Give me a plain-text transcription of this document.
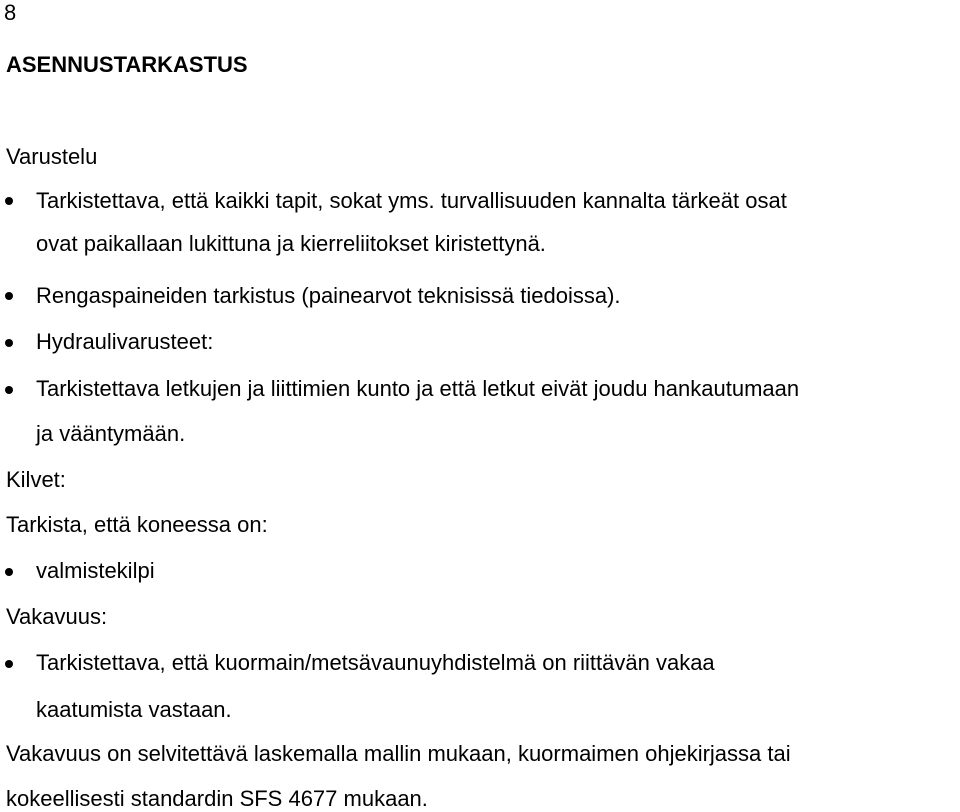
8
ASENNUSTARKASTUS
Varustelu
Tarkistettava, että kaikki tapit, sokat yms. turvallisuuden kannalta tärkeät osat
ovat paikallaan lukittuna ja kierreliitokset kiristettynä.
Rengaspaineiden tarkistus (painearvot teknisissä tiedoissa).
Hydraulivarusteet:
Tarkistettava letkujen ja liittimien kunto ja että letkut eivät joudu hankautumaan
ja vääntymään.
Kilvet:
Tarkista, että koneessa on:
valmistekilpi
Vakavuus:
Tarkistettava, että kuormain/metsävaunuyhdistelmä on riittävän vakaa
kaatumista vastaan.
Vakavuus on selvitettävä laskemalla mallin mukaan, kuormaimen ohjekirjassa tai
kokeellisesti standardin SFS 4677 mukaan.
